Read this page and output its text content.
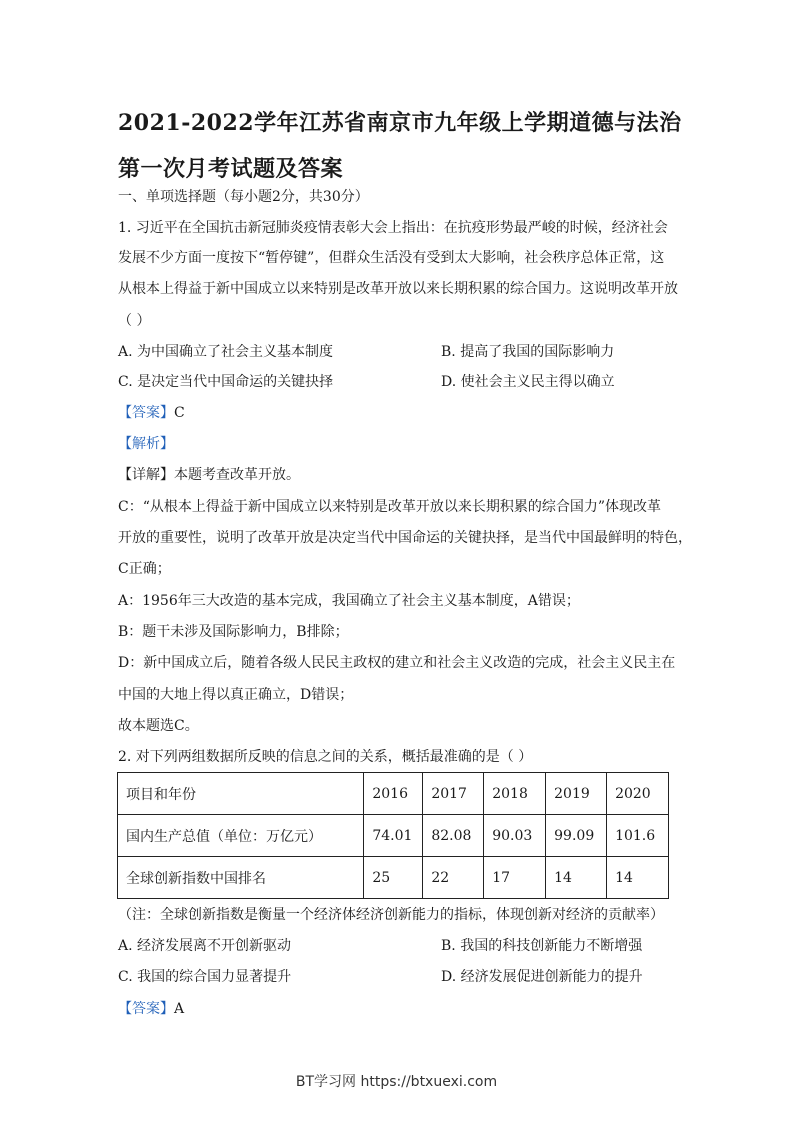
2021-2022学年江苏省南京市九年级上学期道德与法治第一次月考试题及答案
一、单项选择题（每小题2分，共30分）
1. 习近平在全国抗击新冠肺炎疫情表彰大会上指出：在抗疫形势最严峻的时候，经济社会
发展不少方面一度按下“暂停键”，但群众生活没有受到太大影响，社会秩序总体正常，这
从根本上得益于新中国成立以来特别是改革开放以来长期积累的综合国力。这说明改革开放
（ ）
A. 为中国确立了社会主义基本制度	B. 提高了我国的国际影响力
C. 是决定当代中国命运的关键抉择	D. 使社会主义民主得以确立
【答案】C
【解析】
【详解】本题考查改革开放。
C：“从根本上得益于新中国成立以来特别是改革开放以来长期积累的综合国力”体现改革
开放的重要性，说明了改革开放是决定当代中国命运的关键抉择，是当代中国最鲜明的特色，
C正确；
A：1956年三大改造的基本完成，我国确立了社会主义基本制度，A错误；
B：题干未涉及国际影响力，B排除；
D：新中国成立后，随着各级人民民主政权的建立和社会主义改造的完成，社会主义民主在
中国的大地上得以真正确立，D错误；
故本题选C。
2. 对下列两组数据所反映的信息之间的关系，概括最准确的是（ ）
项目和年份	2016	2017	2018	2019	2020
国内生产总值（单位：万亿元）	74.01	82.08	90.03	99.09	101.6
全球创新指数中国排名	25	22	17	14	14
（注：全球创新指数是衡量一个经济体经济创新能力的指标，体现创新对经济的贡献率）
A. 经济发展离不开创新驱动	B. 我国的科技创新能力不断增强
C. 我国的综合国力显著提升	D. 经济发展促进创新能力的提升
【答案】A
BT学习网 https://btxuexi.com
